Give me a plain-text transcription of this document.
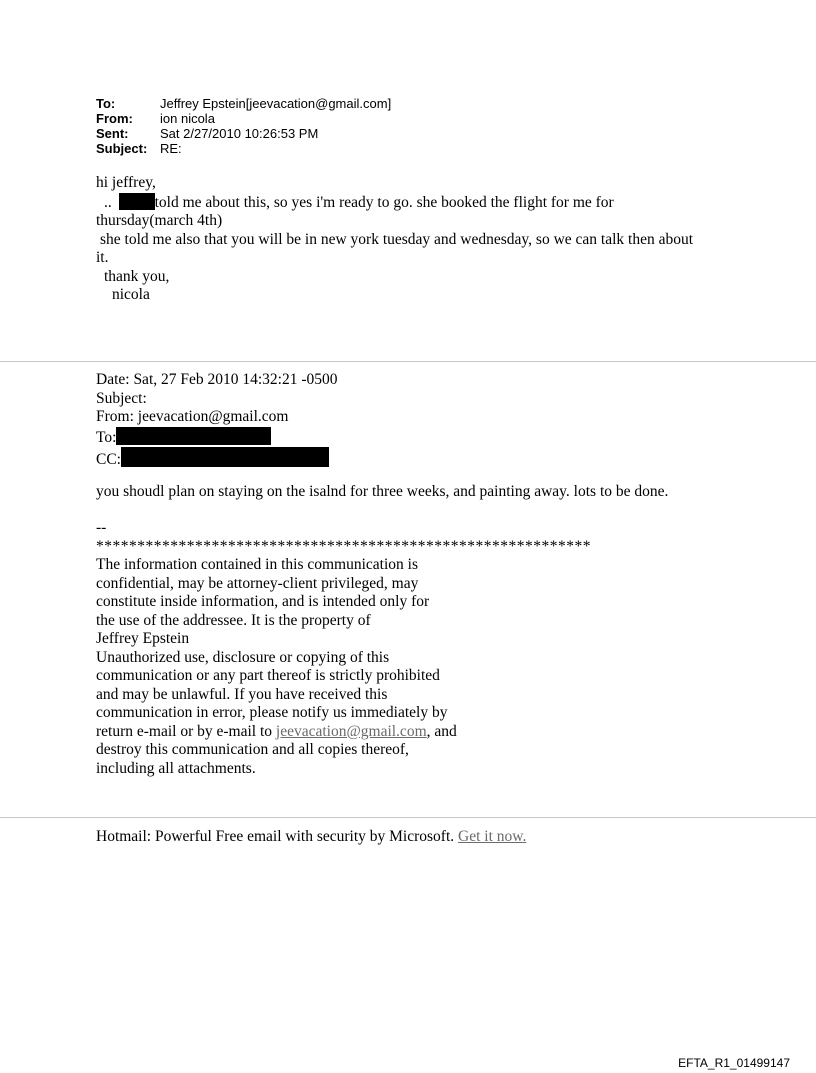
To:	Jeffrey Epstein[jeevacation@gmail.com]
From:	ion nicola
Sent:	Sat 2/27/2010 10:26:53 PM
Subject: RE:
hi jeffrey,
..	told me about this, so yes i'm ready to go. she booked the flight for me for
thursday(march 4th)
she told me also that you will be in new york tuesday and wednesday, so we can talk then about
it.
thank you,
nicola
Date: Sat, 27 Feb 2010 14:32:21 -0500
Subject:
From: jeevacation@gmail.com
To:
CC:
you shoudl plan on staying on the isalnd for three weeks, and painting away. lots to be done.
--
************************************************************
The information contained in this communication is
confidential, may be attorney-client privileged, may
constitute inside information, and is intended only for
the use of the addressee. It is the property of
Jeffrey Epstein
Unauthorized use, disclosure or copying of this
communication or any part thereof is strictly prohibited
and may be unlawful. If you have received this
communication in error, please notify us immediately by
return e-mail or by e-mail to jeevacation@gmail.com, and
destroy this communication and all copies thereof,
including all attachments.
Hotmail: Powerful Free email with security by Microsoft. Get it now.
EFTA_R1_01499147
